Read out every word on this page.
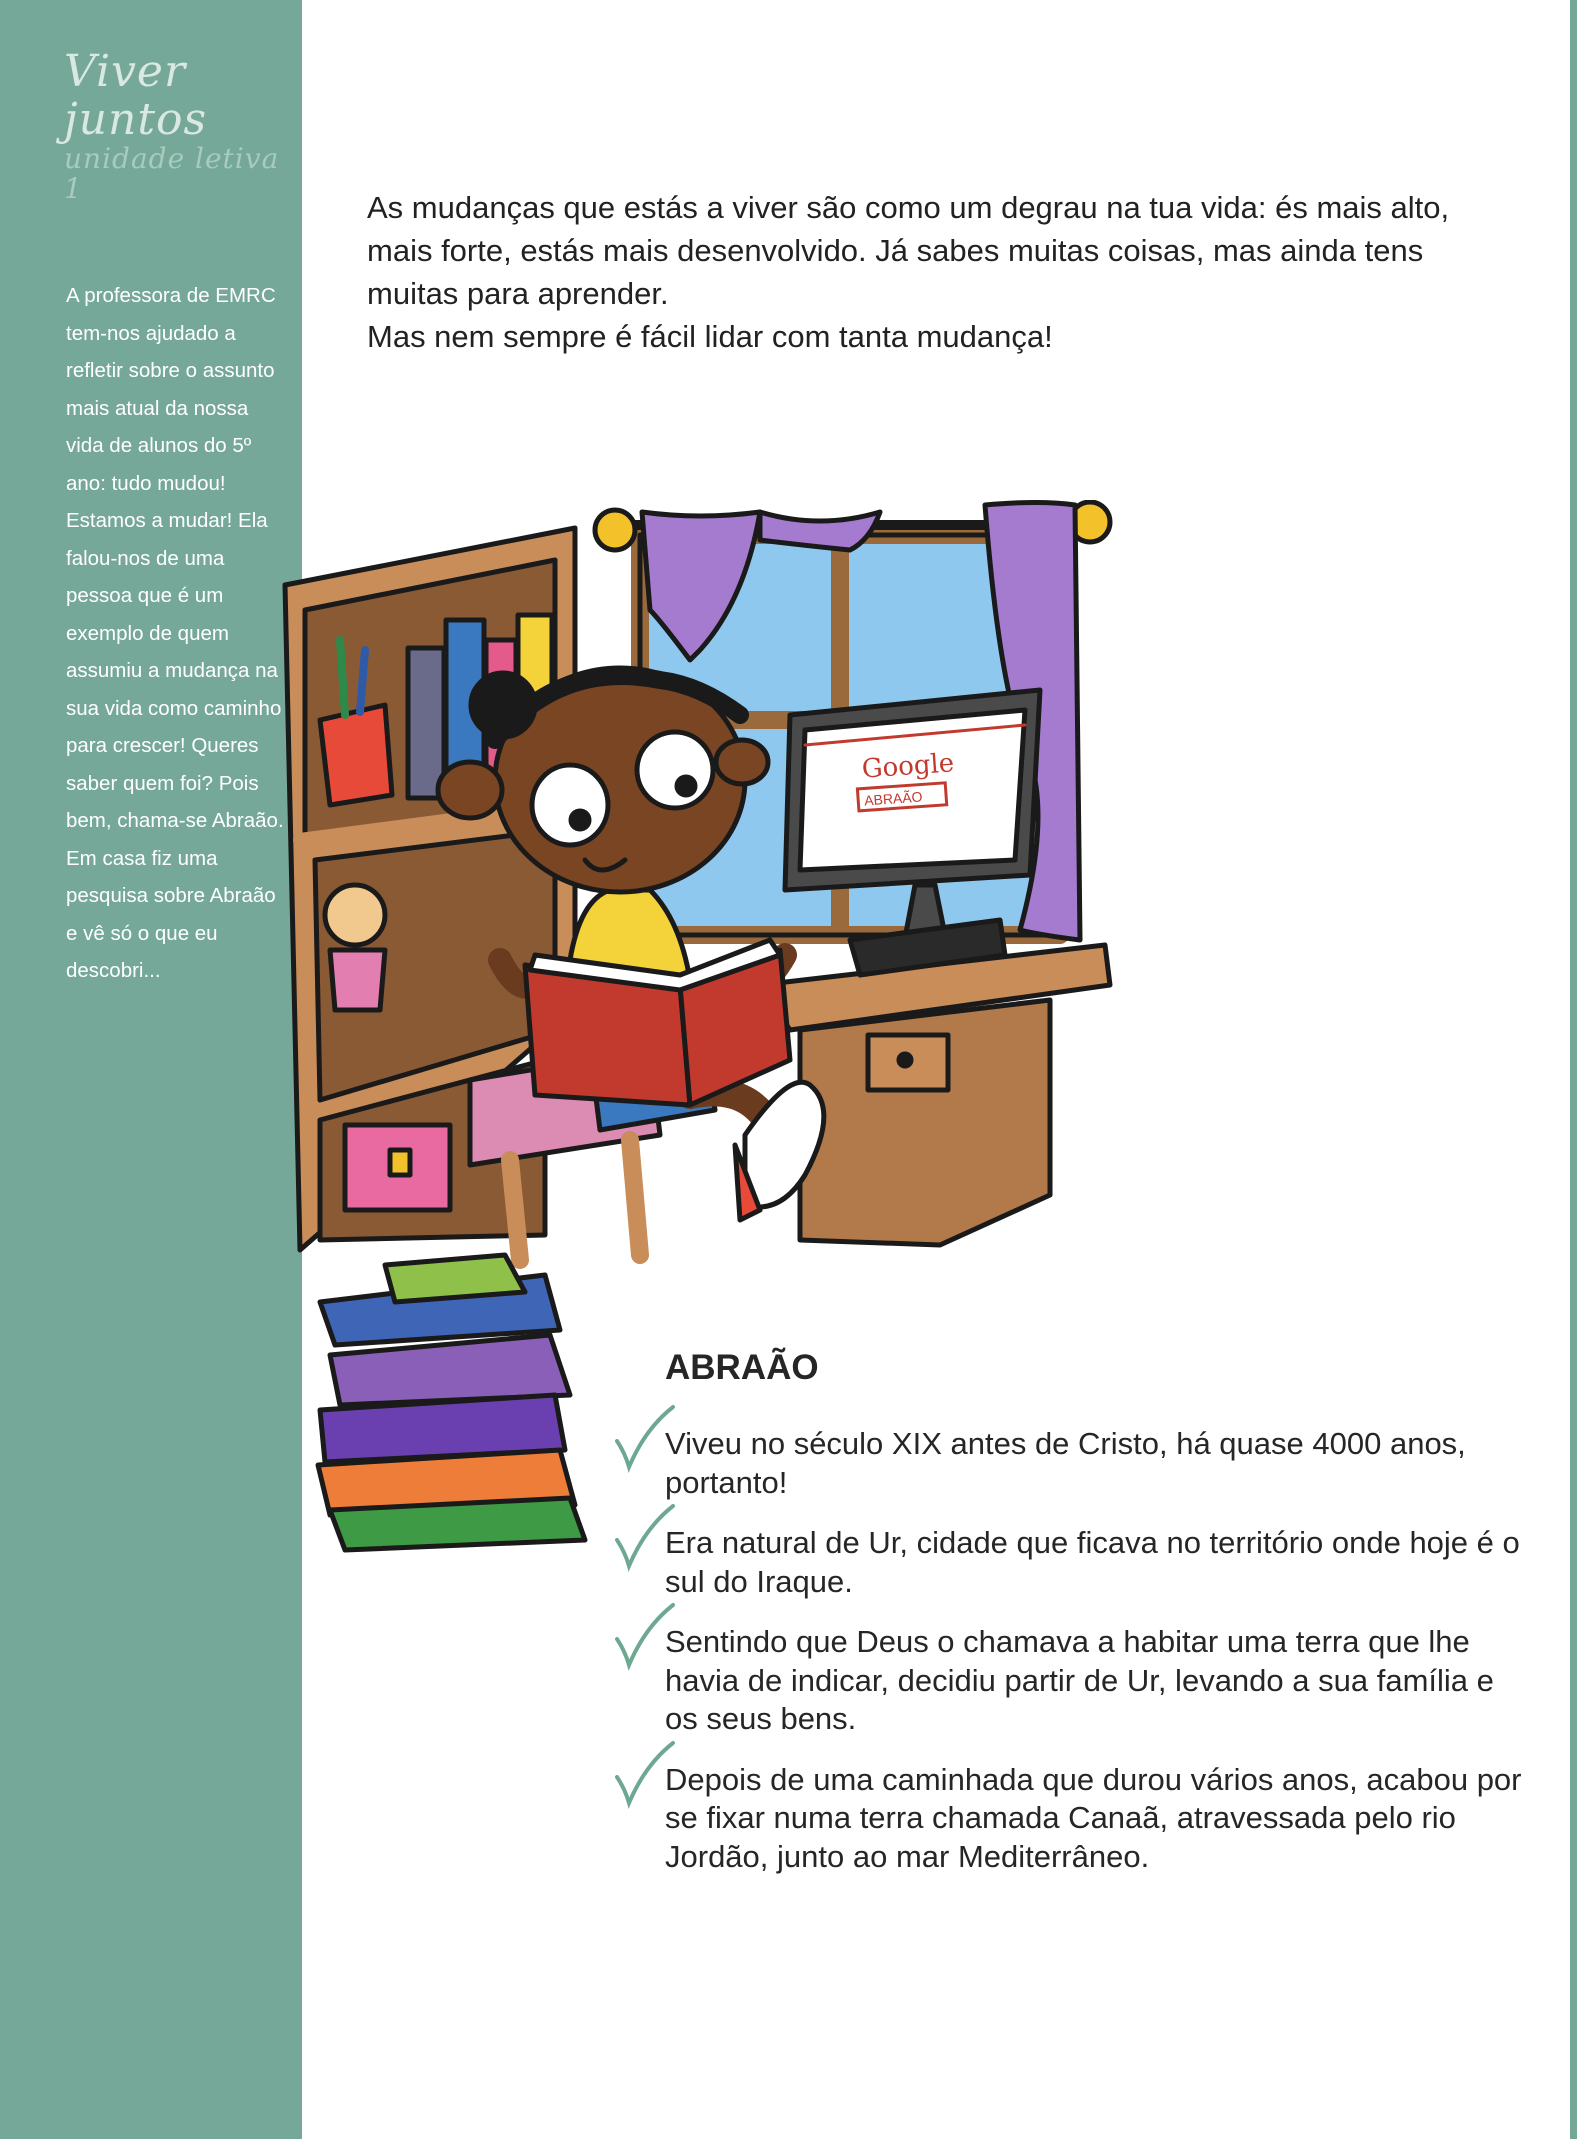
Viver juntos
unidade letiva 1
A professora de EMRC tem-nos ajudado a refletir sobre o assunto mais atual da nossa vida de alunos do 5º ano: tudo mudou! Estamos a mudar! Ela falou-nos de uma pessoa que é um exemplo de quem assumiu a mudança na sua vida como caminho para crescer! Queres saber quem foi? Pois bem, chama-se Abraão. Em casa fiz uma pesquisa sobre Abraão e vê só o que eu descobri...

As mudanças que estás a viver são como um degrau na tua vida: és mais alto, mais forte, estás mais desenvolvido. Já sabes muitas coisas, mas ainda tens muitas para aprender.

Mas nem sempre é fácil lidar com tanta mudança!

Google
ABRAÃO
ABRAÃO
Viveu no século XIX antes de Cristo, há quase 4000 anos, portanto!
Era natural de Ur, cidade que ficava no território onde hoje é o sul do Iraque.
Sentindo que Deus o chamava a habitar uma terra que lhe havia de indicar, decidiu partir de Ur, levando a sua família e os seus bens.
Depois de uma caminhada que durou vários anos, acabou por se fixar numa terra chamada Canaã, atravessada pelo rio Jordão, junto ao mar Mediterrâneo.
